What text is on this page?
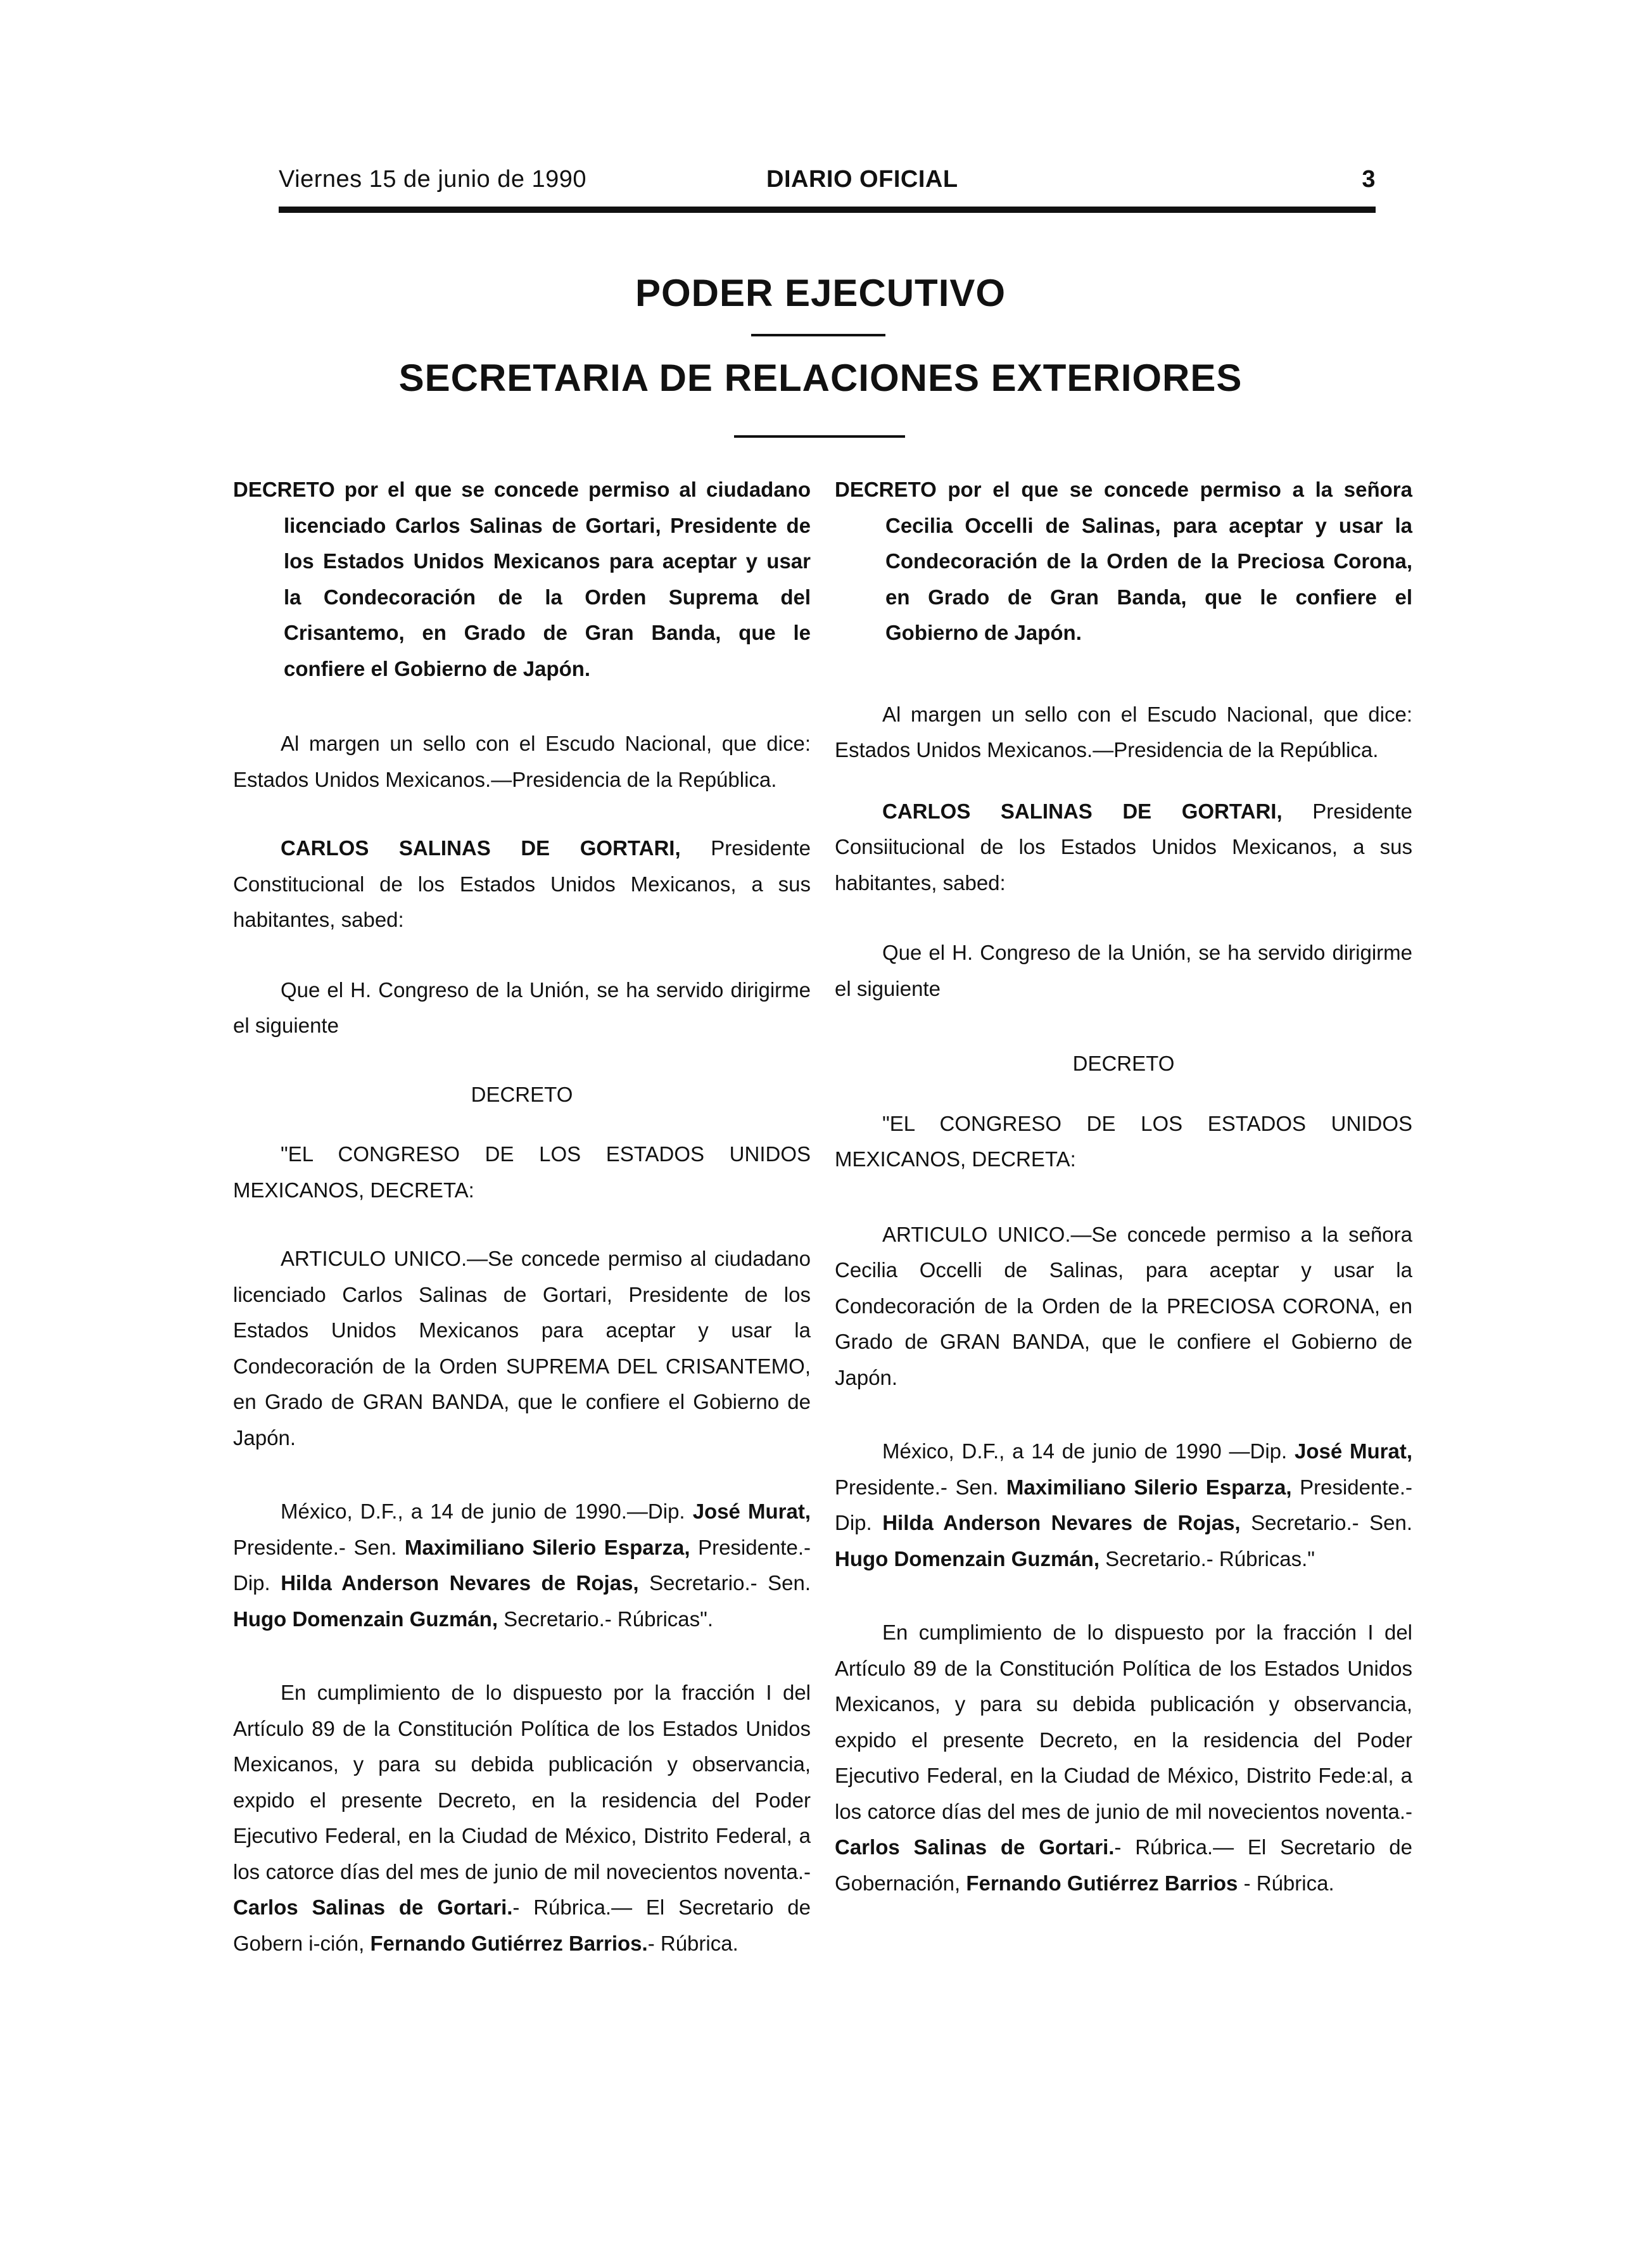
Viernes 15 de junio de 1990	DIARIO OFICIAL	3
PODER EJECUTIVO
SECRETARIA DE RELACIONES EXTERIORES

DECRETO por el que se concede permiso al ciudadano licenciado Carlos Salinas de Gortari, Presidente de los Estados Unidos Mexicanos para aceptar y usar la Condecoración de la Orden Suprema del Crisantemo, en Grado de Gran Banda, que le confiere el Gobierno de Japón.

Al margen un sello con el Escudo Nacional, que dice: Estados Unidos Mexicanos.—Presidencia de la República.

CARLOS SALINAS DE GORTARI, Presidente Constitucional de los Estados Unidos Mexicanos, a sus habitantes, sabed:

Que el H. Congreso de la Unión, se ha servido dirigirme el siguiente

DECRETO

"EL CONGRESO DE LOS ESTADOS UNIDOS MEXICANOS, DECRETA:

ARTICULO UNICO.—Se concede permiso al ciudadano licenciado Carlos Salinas de Gortari, Presidente de los Estados Unidos Mexicanos para aceptar y usar la Condecoración de la Orden SUPREMA DEL CRISANTEMO, en Grado de GRAN BANDA, que le confiere el Gobierno de Japón.

México, D.F., a 14 de junio de 1990.—Dip. José Murat, Presidente.- Sen. Maximiliano Silerio Esparza, Presidente.- Dip. Hilda Anderson Nevares de Rojas, Secretario.- Sen. Hugo Domenzain Guzmán, Secretario.- Rúbricas".

En cumplimiento de lo dispuesto por la fracción I del Artículo 89 de la Constitución Política de los Estados Unidos Mexicanos, y para su debida publicación y observancia, expido el presente Decreto, en la residencia del Poder Ejecutivo Federal, en la Ciudad de México, Distrito Federal, a los catorce días del mes de junio de mil novecientos noventa.- Carlos Salinas de Gortari.- Rúbrica.— El Secretario de Gobern i-ción, Fernando Gutiérrez Barrios.- Rúbrica.

DECRETO por el que se concede permiso a la señora Cecilia Occelli de Salinas, para aceptar y usar la Condecoración de la Orden de la Preciosa Corona, en Grado de Gran Banda, que le confiere el Gobierno de Japón.

Al margen un sello con el Escudo Nacional, que dice: Estados Unidos Mexicanos.—Presidencia de la República.

CARLOS SALINAS DE GORTARI, Presidente Consiitucional de los Estados Unidos Mexicanos, a sus habitantes, sabed:

Que el H. Congreso de la Unión, se ha servido dirigirme el siguiente

DECRETO

"EL CONGRESO DE LOS ESTADOS UNIDOS MEXICANOS, DECRETA:

ARTICULO UNICO.—Se concede permiso a la señora Cecilia Occelli de Salinas, para aceptar y usar la Condecoración de la Orden de la PRECIOSA CORONA, en Grado de GRAN BANDA, que le confiere el Gobierno de Japón.

México, D.F., a 14 de junio de 1990 —Dip. José Murat, Presidente.- Sen. Maximiliano Silerio Esparza, Presidente.- Dip. Hilda Anderson Nevares de Rojas, Secretario.- Sen. Hugo Domenzain Guzmán, Secretario.- Rúbricas."

En cumplimiento de lo dispuesto por la fracción I del Artículo 89 de la Constitución Política de los Estados Unidos Mexicanos, y para su debida publicación y observancia, expido el presente Decreto, en la residencia del Poder Ejecutivo Federal, en la Ciudad de México, Distrito Fede:al, a los catorce días del mes de junio de mil novecientos noventa.- Carlos Salinas de Gortari.- Rúbrica.— El Secretario de Gobernación, Fernando Gutiérrez Barrios - Rúbrica.
